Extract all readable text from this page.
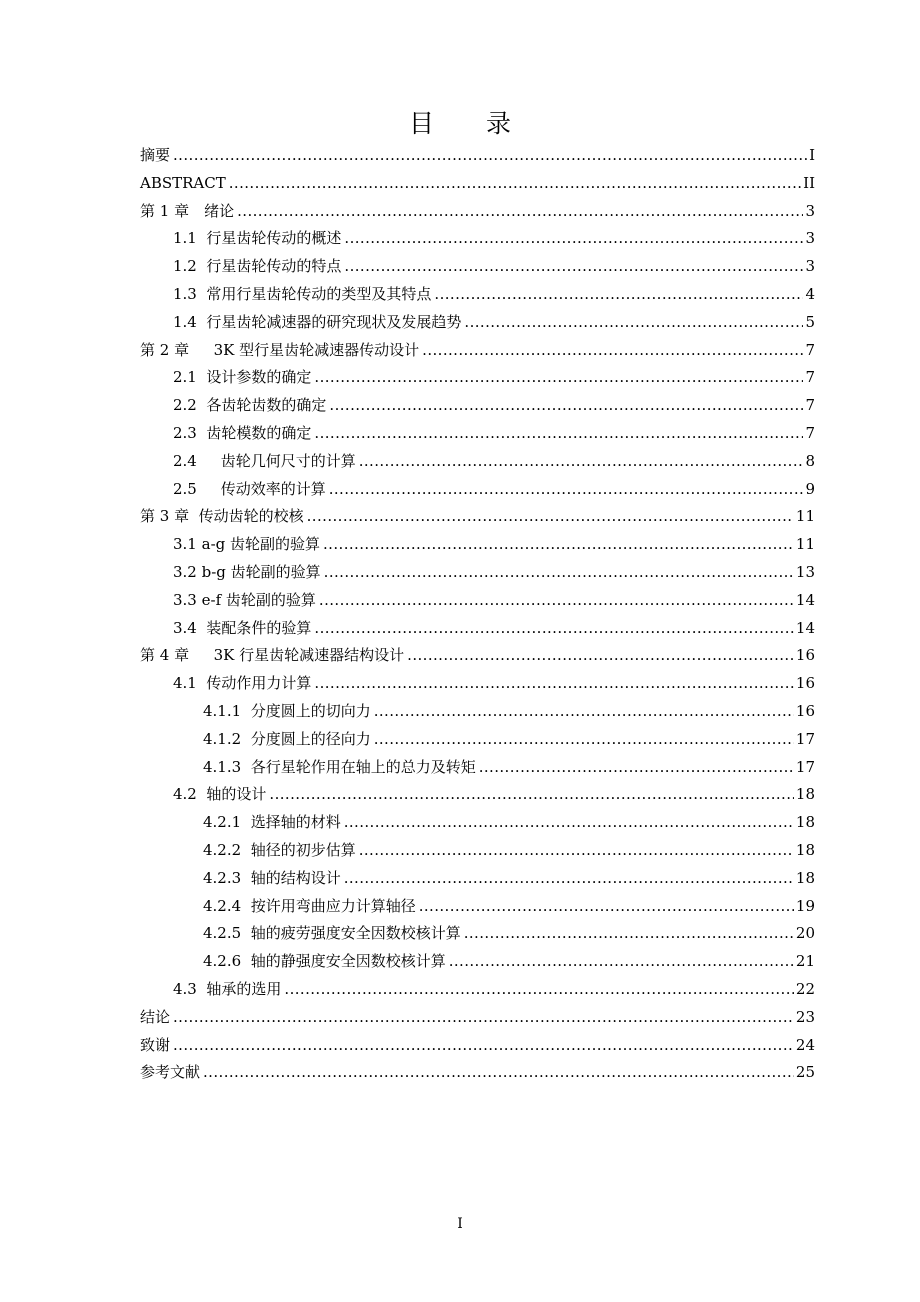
目 录
摘要 .....	I
ABSTRACT .....	II
第 1 章　 绪论 .....	3
1.1 行星齿轮传动的概述 .....	3
1.2 行星齿轮传动的特点 .....	3
1.3 常用行星齿轮传动的类型及其特点 .....	4
1.4 行星齿轮减速器的研究现状及发展趋势 .....	5
第 2 章　 3K 型行星齿轮减速器传动设计 .....	7
2.1 设计参数的确定 .....	7
2.2 各齿轮齿数的确定 .....	7
2.3 齿轮模数的确定 .....	7
2.4 齿轮几何尺寸的计算 .....	8
2.5 传动效率的计算 .....	9
第 3 章 传动齿轮的校核 .....	11
3.1 a-g 齿轮副的验算 .....	11
3.2 b-g 齿轮副的验算 .....	13
3.3 e-f 齿轮副的验算 .....	14
3.4 装配条件的验算 .....	14
第 4 章　 3K 行星齿轮减速器结构设计 .....	16
4.1 传动作用力计算 .....	16
4.1.1 分度圆上的切向力 .....	16
4.1.2 分度圆上的径向力 .....	17
4.1.3 各行星轮作用在轴上的总力及转矩 .....	17
4.2 轴的设计 .....	18
4.2.1 选择轴的材料 .....	18
4.2.2 轴径的初步估算 .....	18
4.2.3 轴的结构设计 .....	18
4.2.4 按许用弯曲应力计算轴径 .....	19
4.2.5 轴的疲劳强度安全因数校核计算 .....	20
4.2.6 轴的静强度安全因数校核计算 .....	21
4.3 轴承的选用 .....	22
结论 .....	23
致谢 .....	24
参考文献 .....	25
I
